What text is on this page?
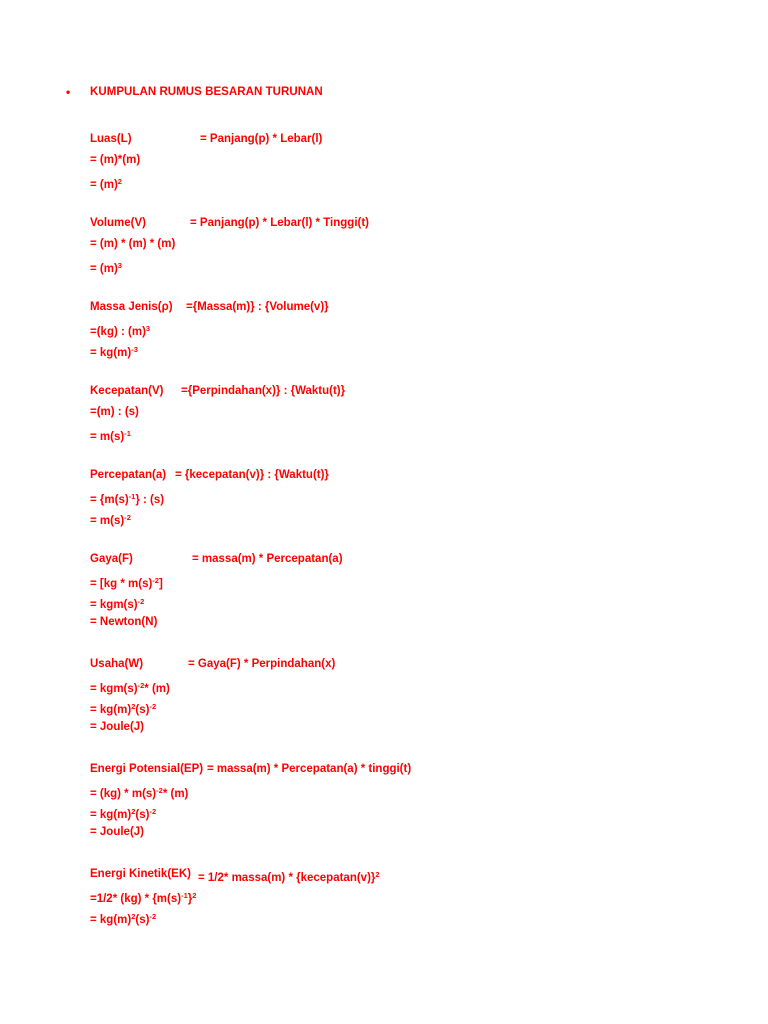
• KUMPULAN RUMUS BESARAN TURUNAN
Luas(L)	= Panjang(p) * Lebar(l)
= (m)*(m)
= $(m)^2$
Volume(V)	= Panjang(p) * Lebar(l) * Tinggi(t)
= (m) * (m) * (m)
= $(m)^3$
Massa Jenis(ρ) ={Massa(m)} : {Volume(v)}
=(kg) : $(m)^3$
= $kg(m)^{-3}$
Kecepatan(V) ={Perpindahan(x)} : {Waktu(t)}
=(m) : (s)
= $m(s)^{-1}$
Percepatan(a) = {kecepatan(v)} : {Waktu(t)}
= $\{m(s)^{-1}\}$ : (s)
= $m(s)^{-2}$
Gaya(F)	= massa(m) * Percepatan(a)
= $[kg * m(s)^{-2}]$
= $kgm(s)^{-2}$
= Newton(N)
Usaha(W)	= Gaya(F) * Perpindahan(x)
= $kgm(s)^{-2}*$ (m)
= $kg(m)^2(s)^{-2}$
= Joule(J)
Energi Potensial(EP) = massa(m) * Percepatan(a) * tinggi(t)
= $(kg) * m(s)^{-2}*$ (m)
= $kg(m)^2(s)^{-2}$
= Joule(J)
Energi Kinetik(EK) = 1/2* massa(m) * {kecepatan(v)}$^2$
=1/2* $(kg) * \{m(s)^{-1}\}^2$
= $kg(m)^2(s)^{-2}$
